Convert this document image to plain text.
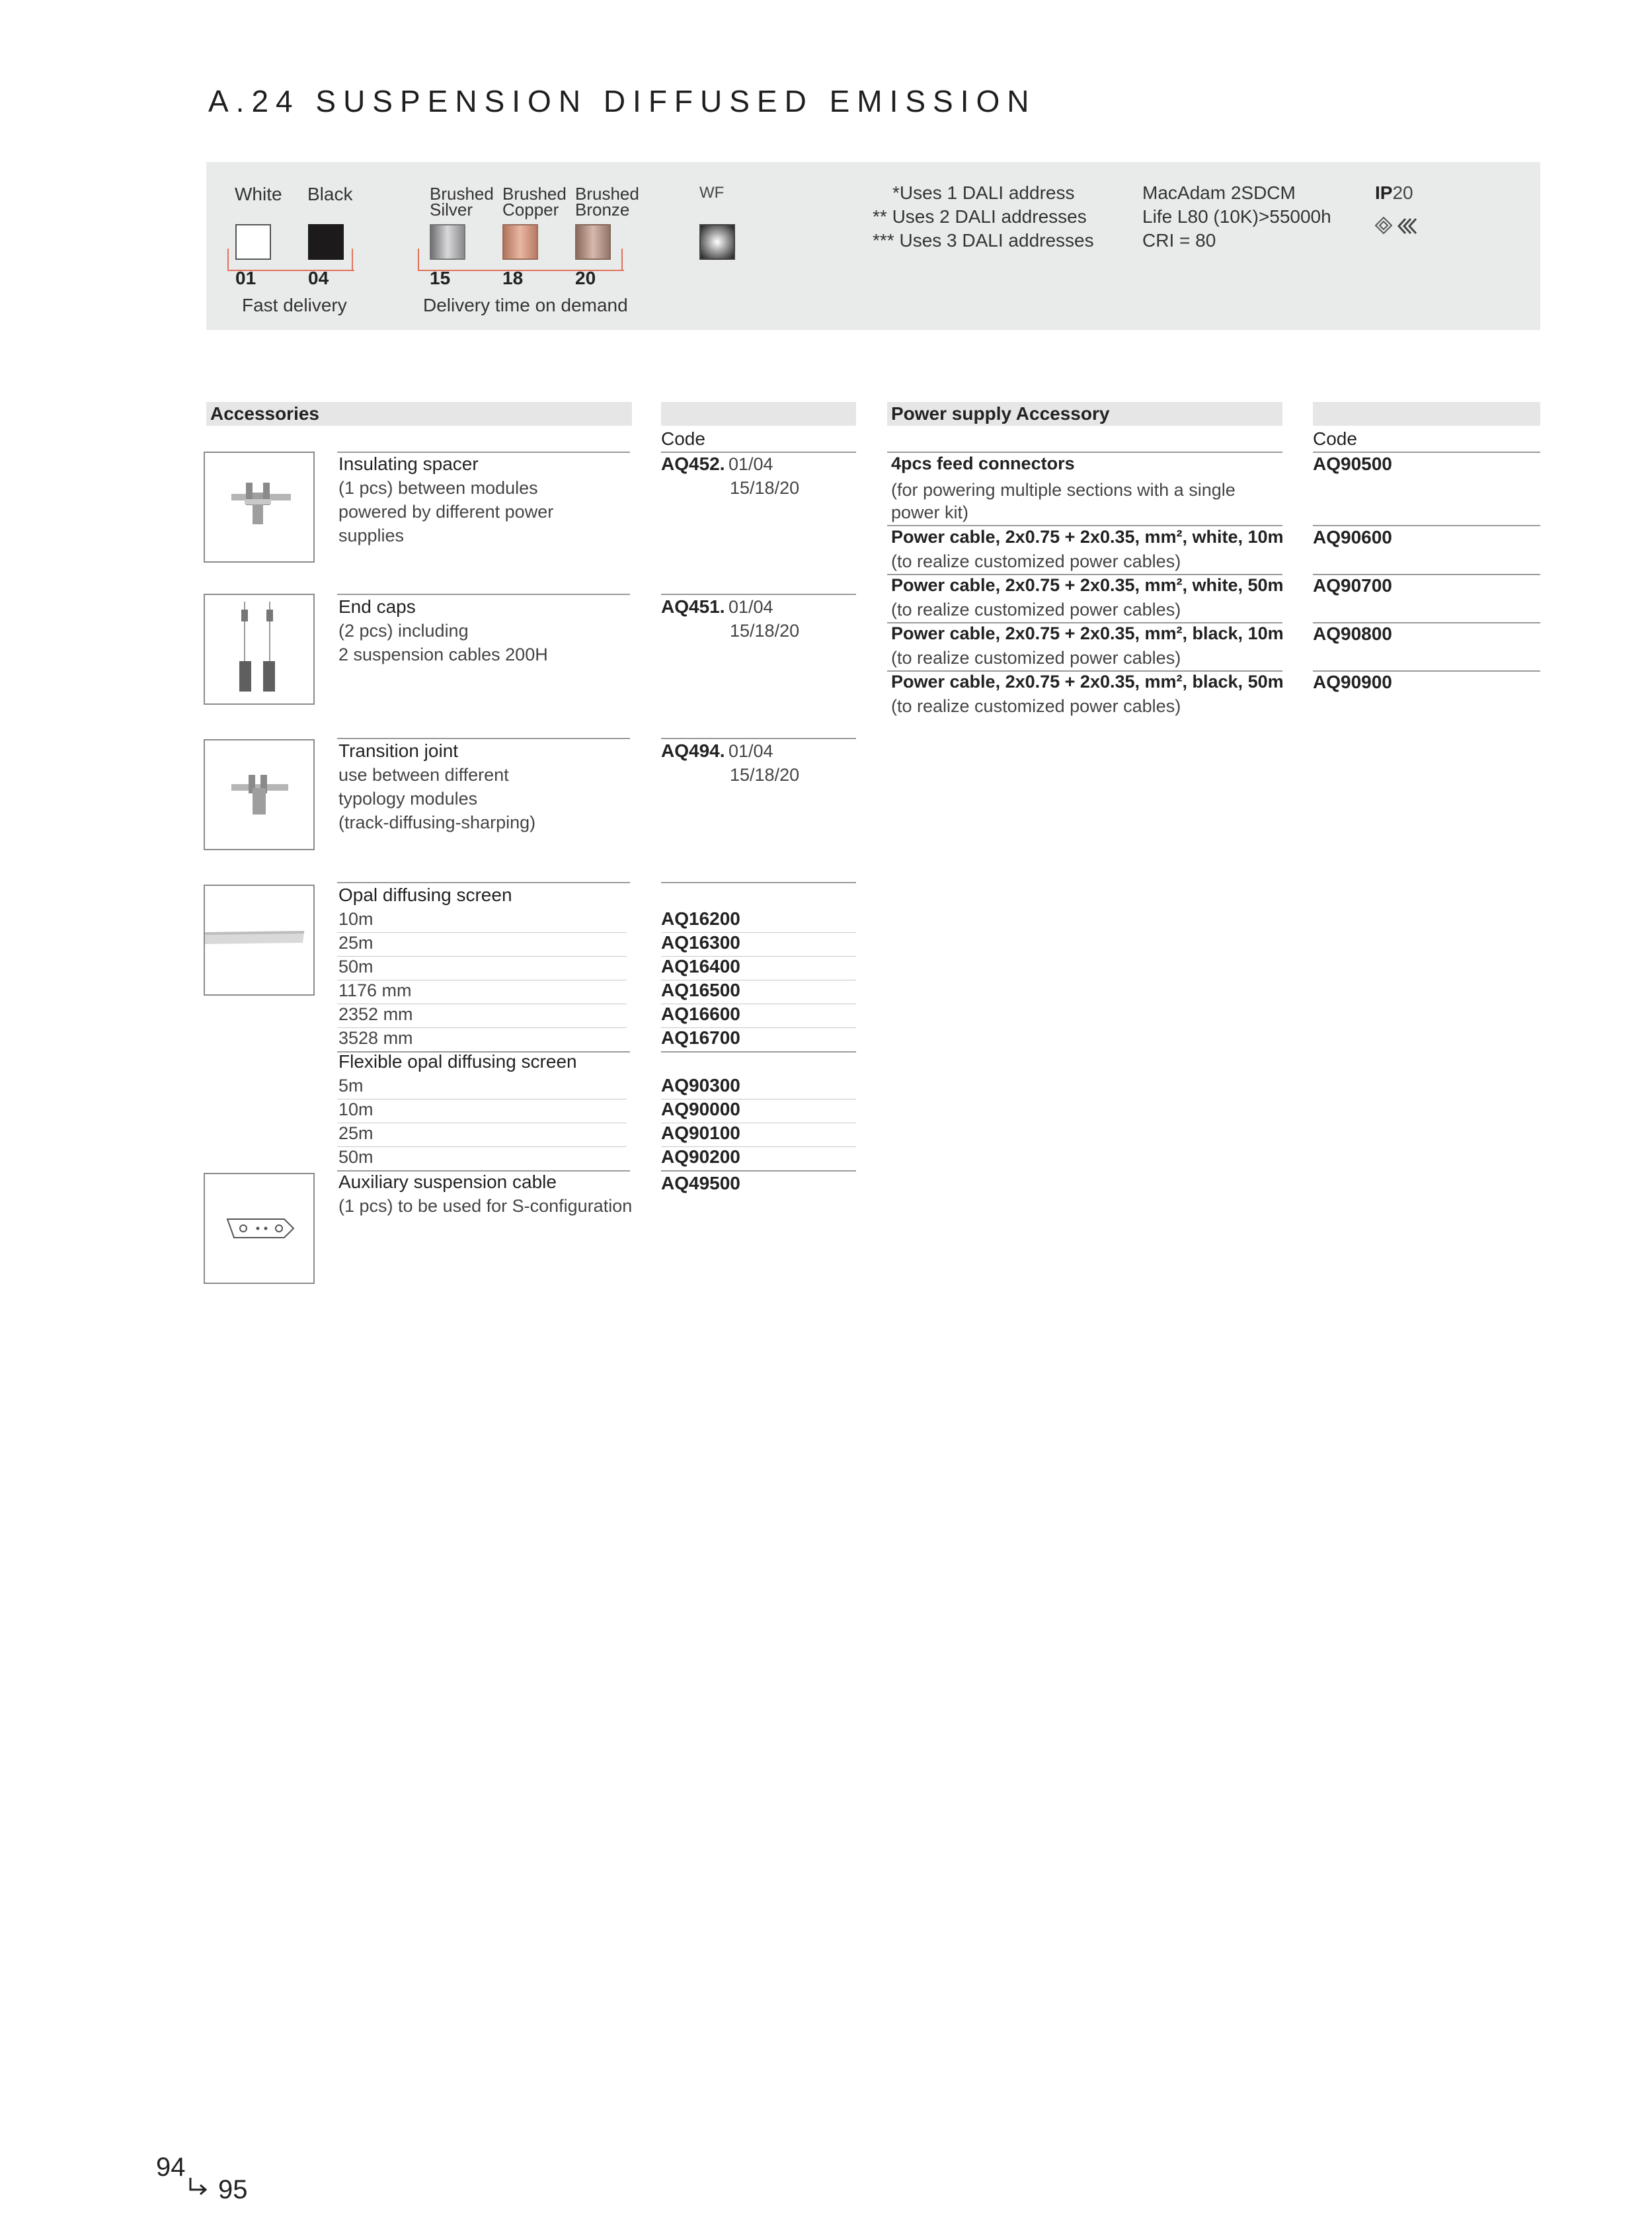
A.24 SUSPENSION DIFFUSED EMISSION
White Black
01	04
Fast delivery
Brushed
Silver
Brushed
Copper
Brushed
Bronze
15	18	20
Delivery time on demand
WF	*Uses 1 DALI address
** Uses 2 DALI addresses
*** Uses 3 DALI addresses
MacAdam 2SDCM
Life L80 (10K)>55000h
CRI = 80
IP20
Accessories
Code
Insulating spacer
(1 pcs) between modules
powered by different power
supplies
AQ452. 01/04
15/18/20
End caps
(2 pcs) including
2 suspension cables 200H
AQ451. 01/04
15/18/20
Transition joint
use between different
typology modules
(track-diffusing-sharping)
AQ494. 01/04
15/18/20
Opal diffusing screen
10m	AQ16200
25m	AQ16300
50m	AQ16400
1176 mm	AQ16500
2352 mm	AQ16600
3528 mm	AQ16700
Flexible opal diffusing screen
5m	AQ90300
10m	AQ90000
25m	AQ90100
50m	AQ90200
Auxiliary suspension cable
(1 pcs) to be used for S-configuration
AQ49500
Power supply Accessory
Code
4pcs feed connectors
(for powering multiple sections with a single
power kit)
AQ90500
Power cable, 2x0.75 + 2x0.35, mm², white, 10m
(to realize customized power cables)
AQ90600
Power cable, 2x0.75 + 2x0.35, mm², white, 50m
(to realize customized power cables)
AQ90700
Power cable, 2x0.75 + 2x0.35, mm², black, 10m
(to realize customized power cables)
AQ90800
Power cable, 2x0.75 + 2x0.35, mm², black, 50m
(to realize customized power cables)
AQ90900
94
95
